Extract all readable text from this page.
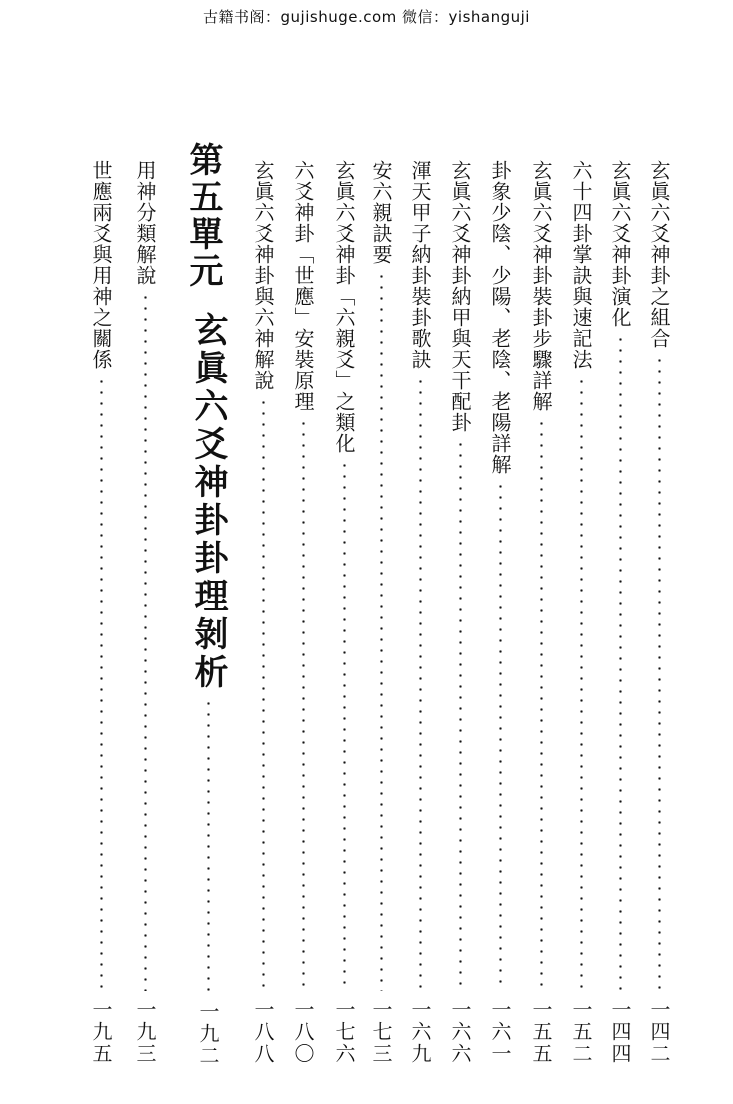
古籍书阁：gujishuge.com 微信：yishanguji
第五單元	玄眞六爻神卦之組合
一四二
玄眞六爻神卦演化
一四四
六十四卦掌訣與速記法
一五二
玄眞六爻神卦裝卦步驟詳解
一五五
卦象少陰、少陽、老陰、老陽詳解
一六一
玄眞六爻神卦納甲與天干配卦
一六六
渾天甲子納卦裝卦歌訣
一六九
安六親訣要
一七三
玄眞六爻神卦「六親爻」之類化
一七六
六爻神卦「世應」安裝原理
一八〇
玄眞六爻神卦與六神解說
一八八
玄眞六爻神卦卦理剝析
一九二
用神分類解說
一九三
世應兩爻與用神之關係
一九五
